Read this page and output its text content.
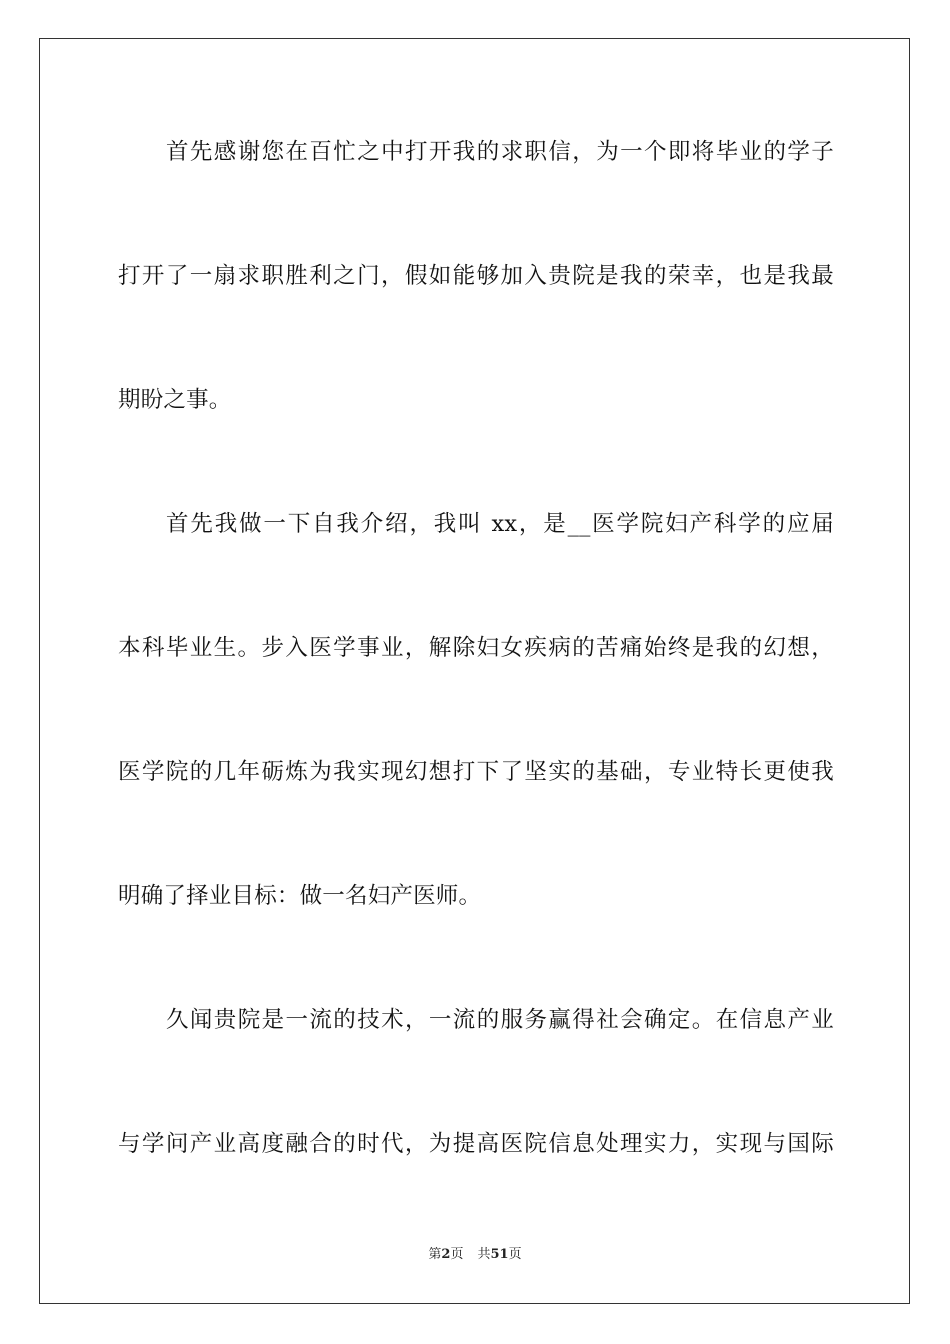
首先感谢您在百忙之中打开我的求职信，为一个即将毕业的学子

打开了一扇求职胜利之门，假如能够加入贵院是我的荣幸，也是我最

期盼之事。

首先我做一下自我介绍，我叫 xx，是__医学院妇产科学的应届

本科毕业生。步入医学事业，解除妇女疾病的苦痛始终是我的幻想，

医学院的几年砺炼为我实现幻想打下了坚实的基础，专业特长更使我

明确了择业目标：做一名妇产医师。

久闻贵院是一流的技术，一流的服务赢得社会确定。在信息产业

与学问产业高度融合的时代，为提高医院信息处理实力，实现与国际

第2页 共51页
